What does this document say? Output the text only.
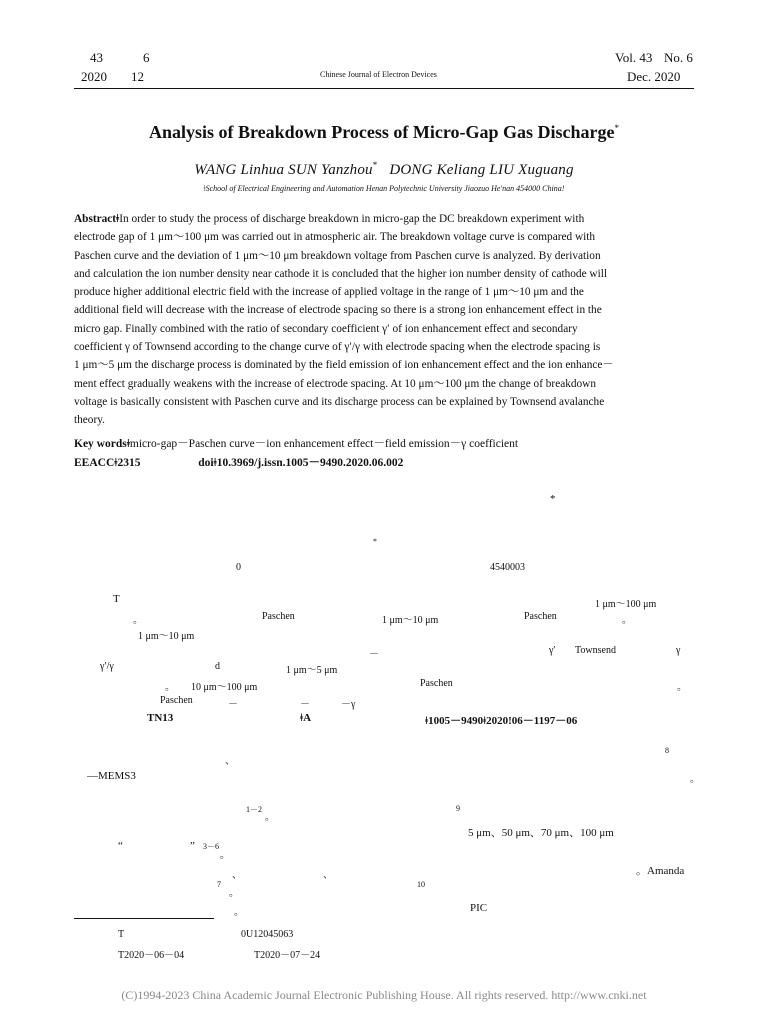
43	6
2020 12	Chinese Journal of Electron Devices
Vol. 43 No. 6
Dec. 2020
Analysis of Breakdown Process of Micro-Gap Gas Discharge*
WANG Linhua SUN Yanzhou* DONG Keliang LIU Xuguang
ǂSchool of Electrical Engineering and Automation Henan Polytechnic University Jiaozuo He'nan 454000 Chinaǃ
AbstractǂIn order to study the process of discharge breakdown in micro-gap the DC breakdown experiment with
electrode gap of 1 μm～100 μm was carried out in atmospheric air. The breakdown voltage curve is compared with
Paschen curve and the deviation of 1 μm～10 μm breakdown voltage from Paschen curve is analyzed. By derivation
and calculation the ion number density near cathode it is concluded that the higher ion number density of cathode will
produce higher additional electric field with the increase of applied voltage in the range of 1 μm～10 μm and the
additional field will decrease with the increase of electrode spacing so there is a strong ion enhancement effect in the
micro gap. Finally combined with the ratio of secondary coefficient γ′ of ion enhancement effect and secondary
coefficient γ of Townsend according to the change curve of γ′/γ with electrode spacing when the electrode spacing is
1 μm～5 μm the discharge process is dominated by the field emission of ion enhancement effect and the ion enhance－
ment effect gradually weakens with the increase of electrode spacing. At 10 μm～100 μm the change of breakdown
voltage is basically consistent with Paschen curve and its discharge process can be explained by Townsend avalanche
theory.
Key wordsǂmicro-gap－Paschen curve－ion enhancement effect－field emission－γ coefficient
EEACCǂ2315	doiǂ10.3969/j.issn.1005－9490.2020.06.002
*
*
0	4540003
T	1 μm～100 μm
。	Paschen	1 μm～10 μm	Paschen	。
1 μm～10 μm
－	γ′ Townsend	γ
γ′/γ	d	1 μm～5 μm
。 10 μm～100 μm	Paschen	。
Paschen	－	－	－γ
TN13	ǂA	ǂ1005－9490ǂ2020ǃ06－1197－06
、
8
—MEMS3	。
1－2
。
9
5 μm、50 μm、70 μm、100 μm
“	” 3－6
。
、	、	。Amanda
7
。
10
。	PIC
T	0U12045063
T2020－06－04	T2020－07－24
(C)1994-2023 China Academic Journal Electronic Publishing House. All rights reserved. http://www.cnki.net
